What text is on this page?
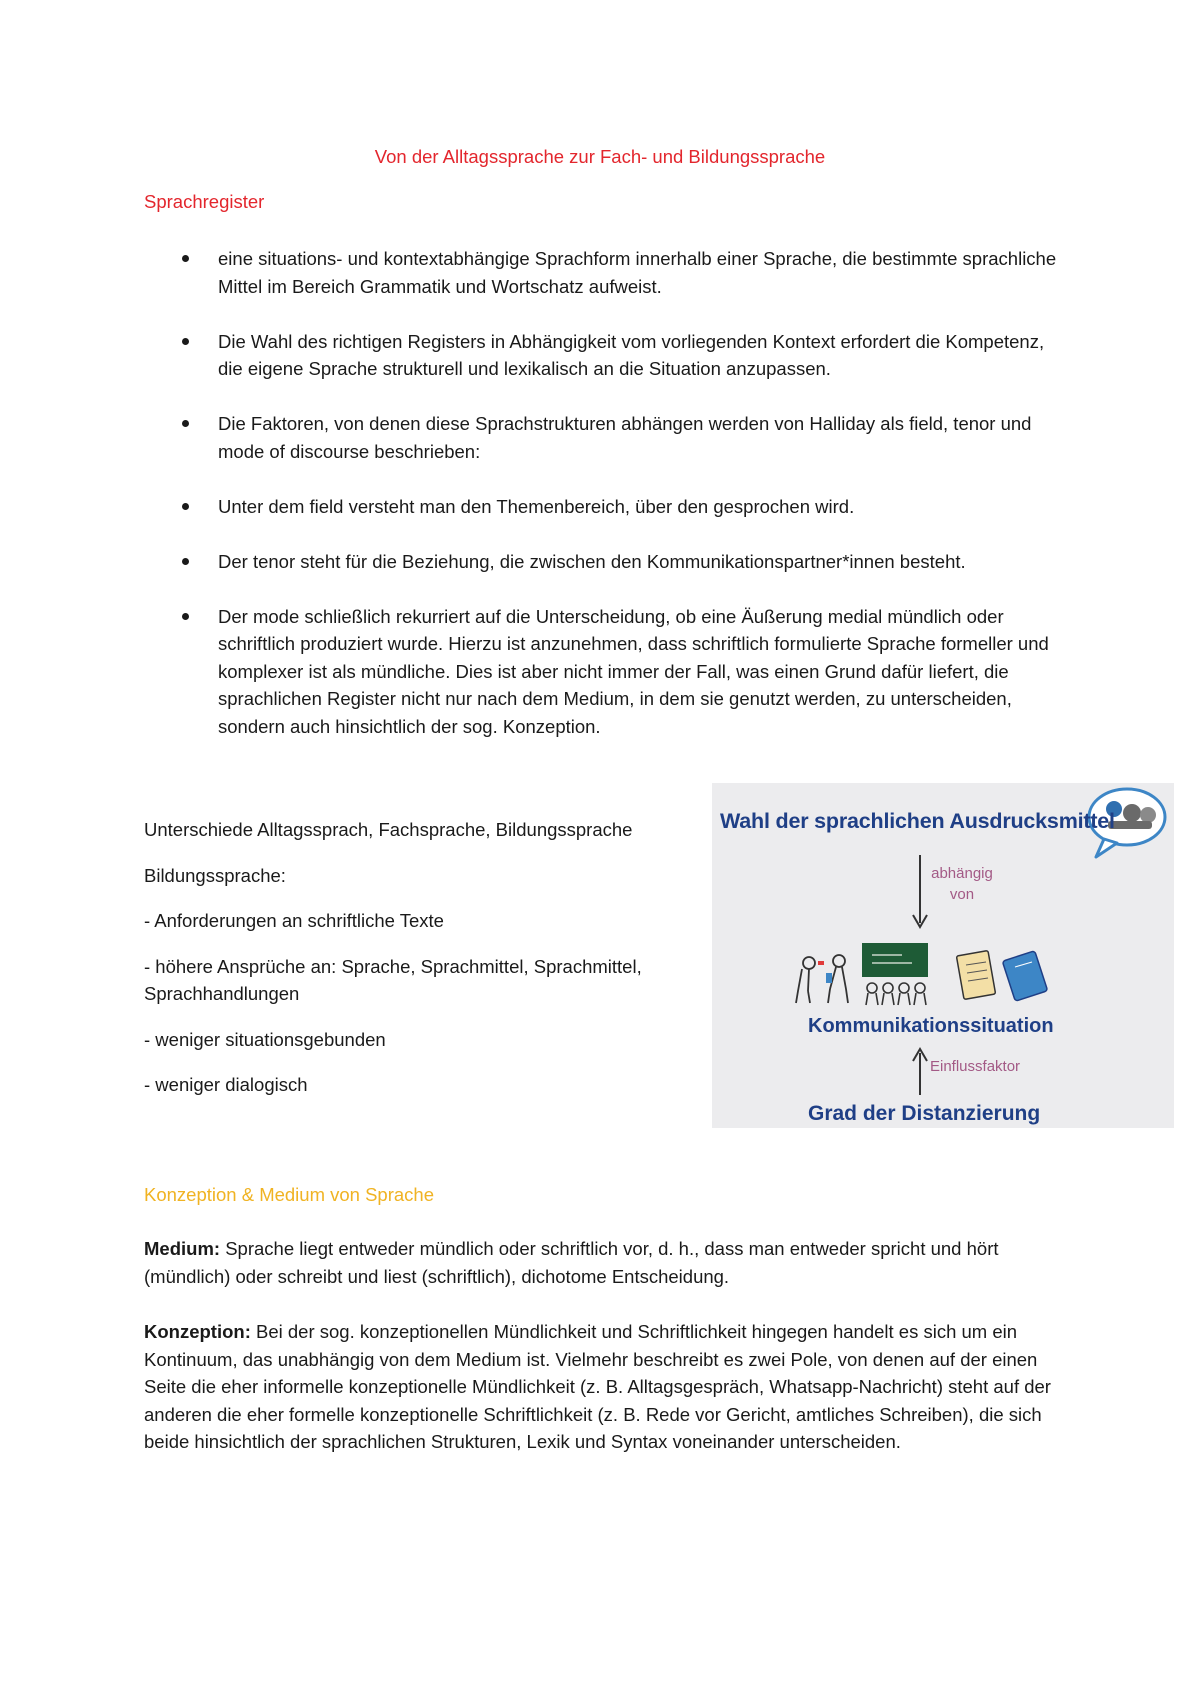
Von der Alltagssprache zur Fach- und Bildungssprache
Sprachregister
eine situations- und kontextabhängige Sprachform innerhalb einer Sprache, die bestimmte sprachliche Mittel im Bereich Grammatik und Wortschatz aufweist.
Die Wahl des richtigen Registers in Abhängigkeit vom vorliegenden Kontext erfordert die Kompetenz, die eigene Sprache strukturell und lexikalisch an die Situation anzupassen.
Die Faktoren, von denen diese Sprachstrukturen abhängen werden von Halliday als field, tenor und mode of discourse beschrieben:
Unter dem field versteht man den Themenbereich, über den gesprochen wird.
Der tenor steht für die Beziehung, die zwischen den Kommunikationspartner*innen besteht.
Der mode schließlich rekurriert auf die Unterscheidung, ob eine Äußerung medial mündlich oder schriftlich produziert wurde. Hierzu ist anzunehmen, dass schriftlich formulierte Sprache formeller und komplexer ist als mündliche. Dies ist aber nicht immer der Fall, was einen Grund dafür liefert, die sprachlichen Register nicht nur nach dem Medium, in dem sie genutzt werden, zu unterscheiden, sondern auch hinsichtlich der sog. Konzeption.

Unterschiede Alltagssprach, Fachsprache, Bildungssprache

Bildungssprache:

- Anforderungen an schriftliche Texte

- höhere Ansprüche an: Sprache, Sprachmittel, Sprachmittel, Sprachhandlungen

- weniger situationsgebunden

- weniger dialogisch

Wahl der sprachlichen Ausdrucksmittel
abhängig von
Kommunikationssituation
Einflussfaktor
Grad der Distanzierung
Konzeption & Medium von Sprache

Medium: Sprache liegt entweder mündlich oder schriftlich vor, d. h., dass man entweder spricht und hört (mündlich) oder schreibt und liest (schriftlich), dichotome Entscheidung.

Konzeption: Bei der sog. konzeptionellen Mündlichkeit und Schriftlichkeit hingegen handelt es sich um ein Kontinuum, das unabhängig von dem Medium ist. Vielmehr beschreibt es zwei Pole, von denen auf der einen Seite die eher informelle konzeptionelle Mündlichkeit (z. B. Alltagsgespräch, Whatsapp-Nachricht) steht auf der anderen die eher formelle konzeptionelle Schriftlichkeit (z. B. Rede vor Gericht, amtliches Schreiben), die sich beide hinsichtlich der sprachlichen Strukturen, Lexik und Syntax voneinander unterscheiden.
